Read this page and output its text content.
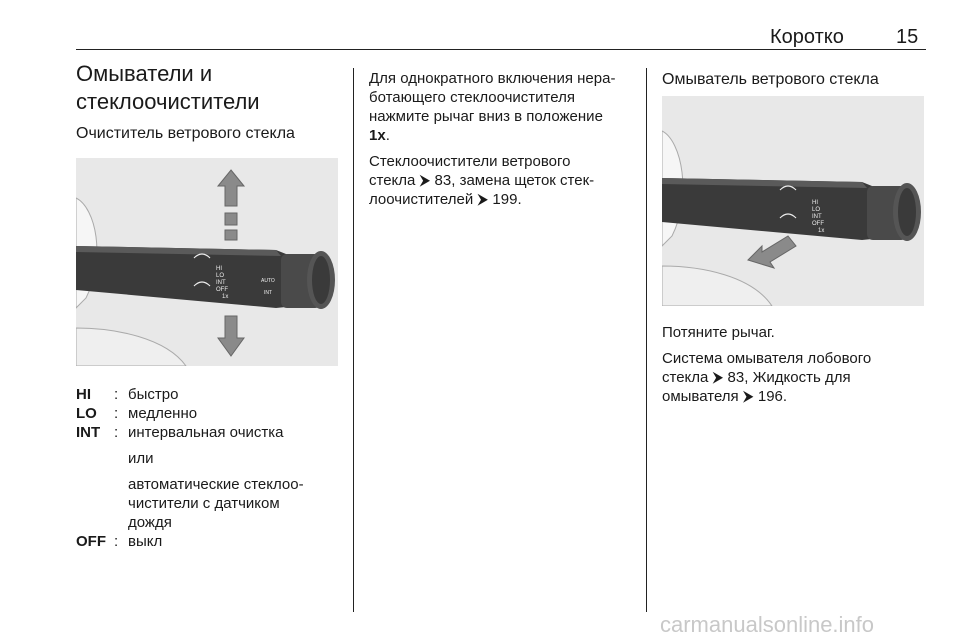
Коротко	15
Омыватели и
стеклоочистители
Очиститель ветрового стекла
HI
LO
INT
OFF
1x
AUTO
INT
HI	: быстро
LO	: медленно
INT : интервальная очистка
или
автоматические стеклоо-
чистители с датчиком
дождя
OFF : выкл

Для однократного включения нера-
ботающего стеклоочистителя
нажмите рычаг вниз в положение
1x.

Стеклоочистители ветрового
стекла ⮞ 83, замена щеток стек-
лоочистителей ⮞ 199.

Омыватель ветрового стекла
HI
LO
INT
OFF
1x

Потяните рычаг.

Система омывателя лобового
стекла ⮞ 83, Жидкость для
омывателя ⮞ 196.

carmanualsonline.info
